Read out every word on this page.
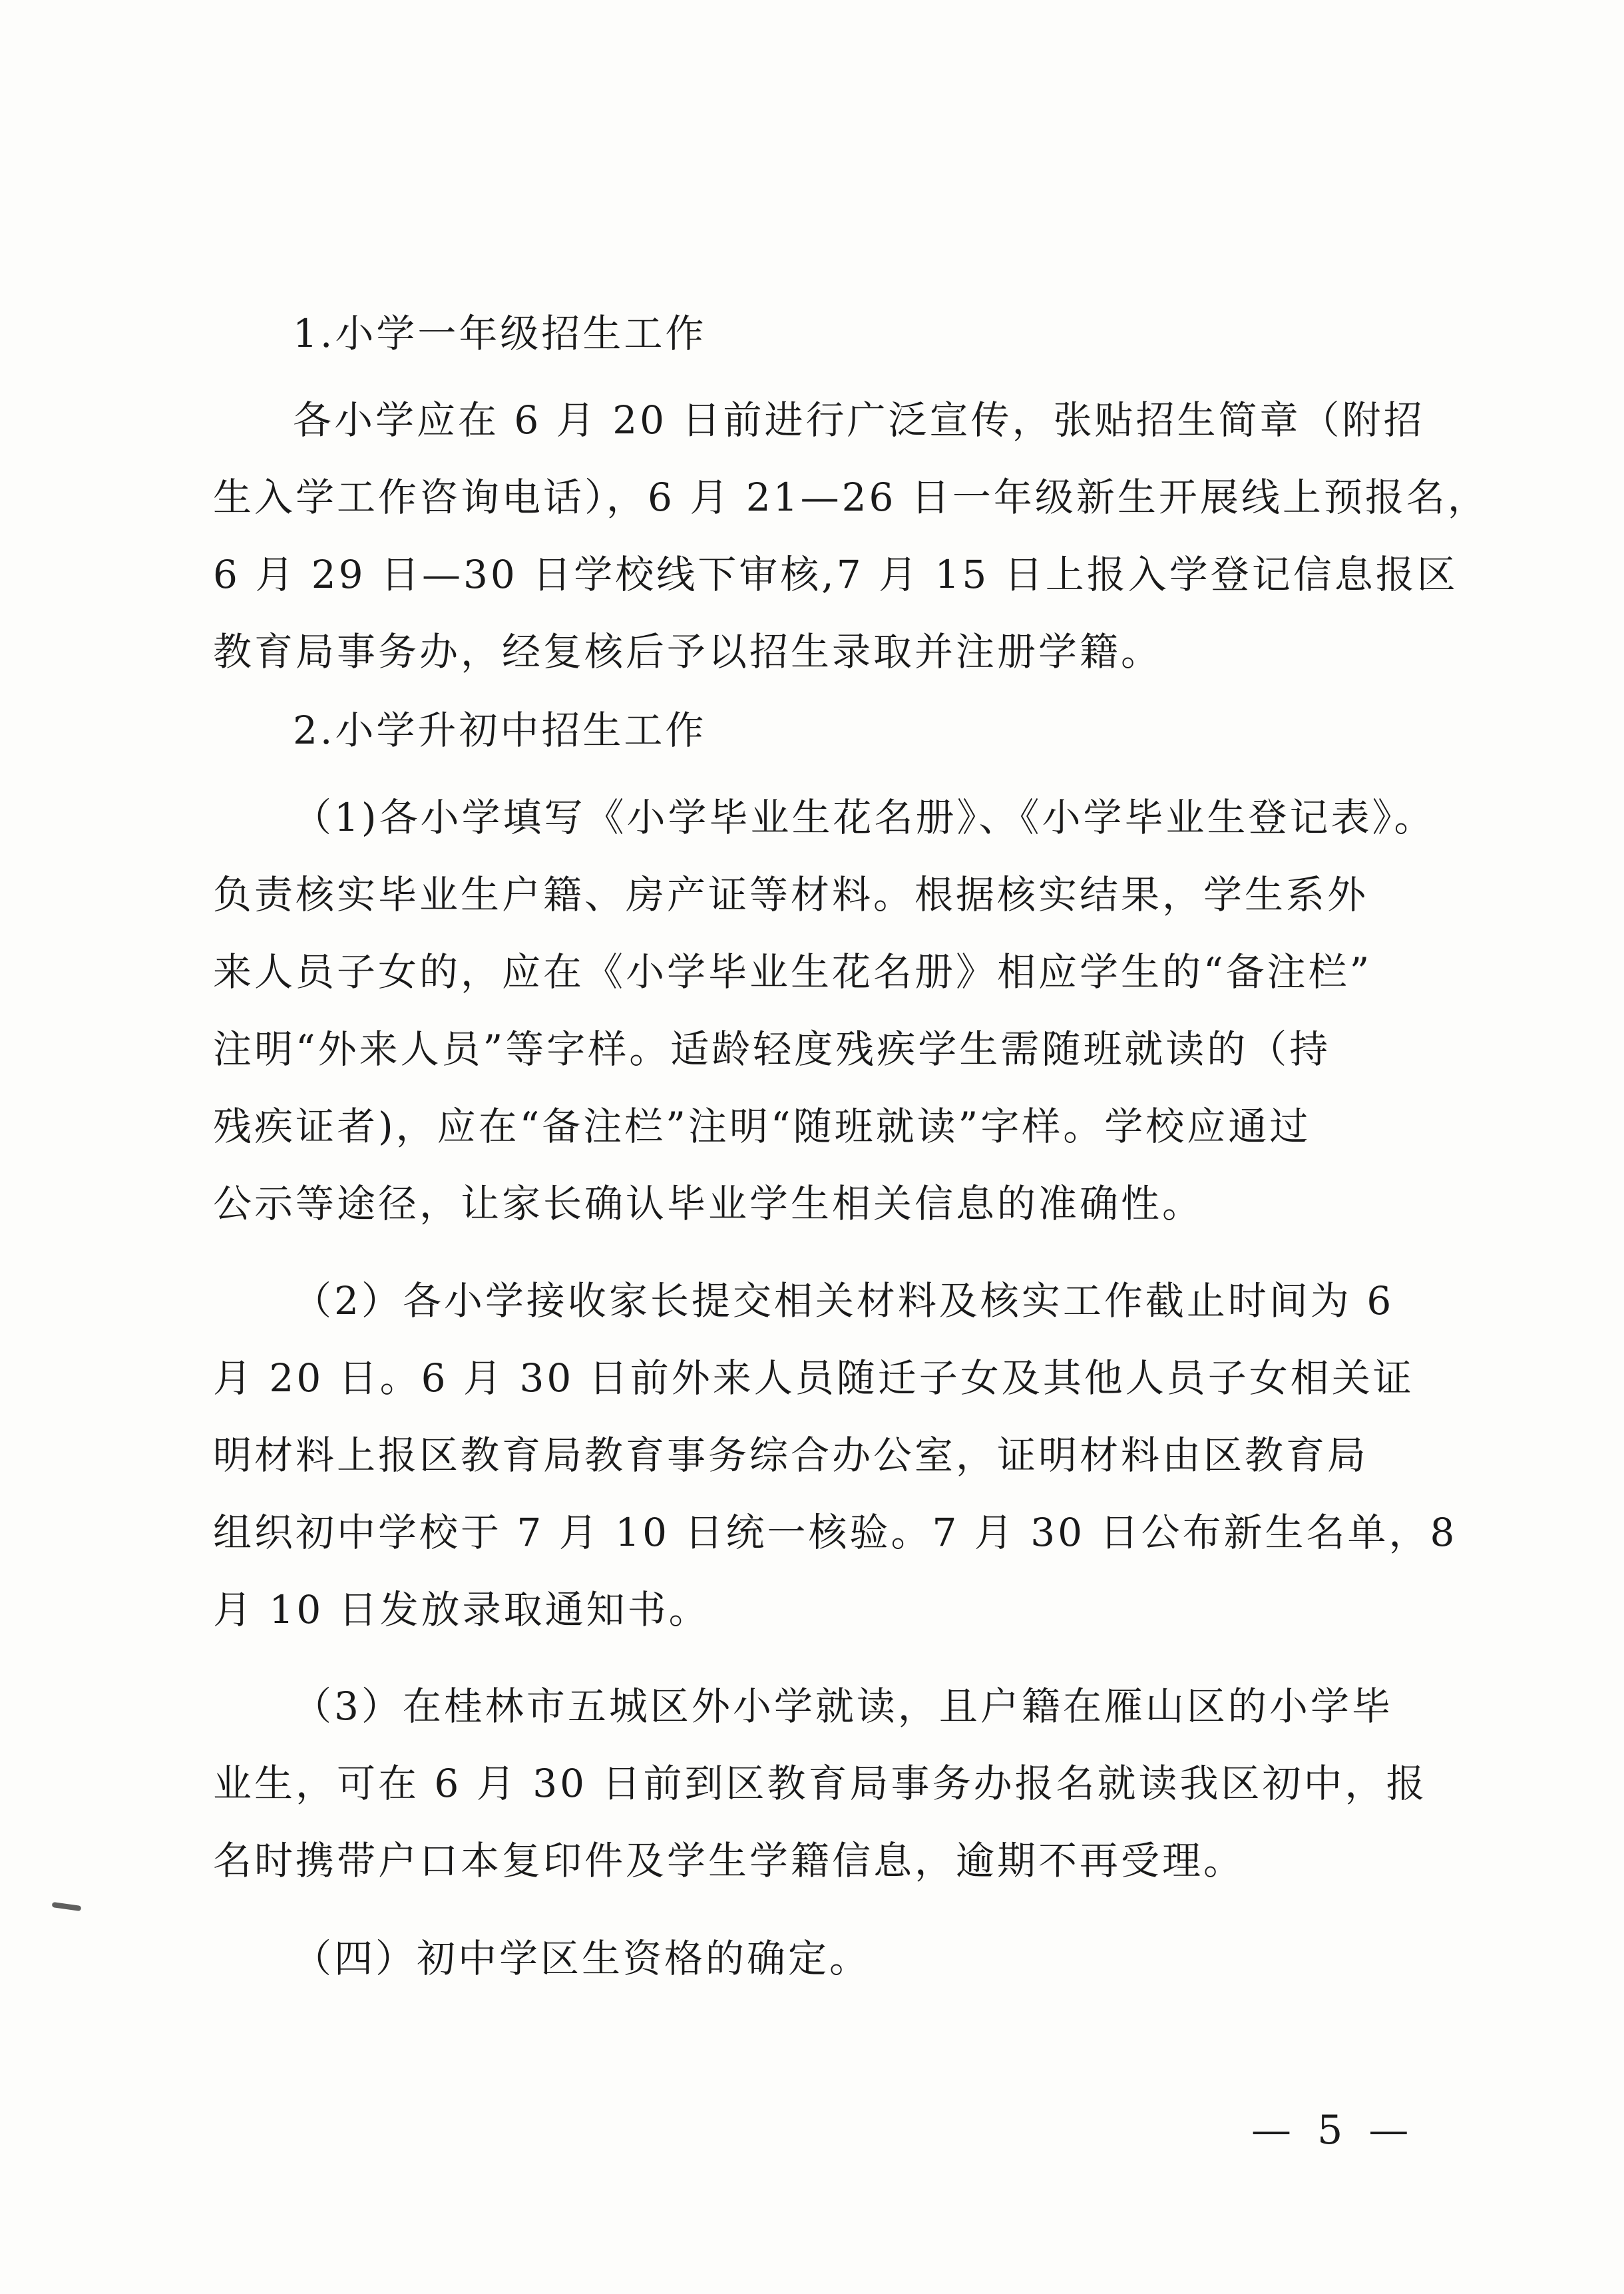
1.小学一年级招生工作
各小学应在 6 月 20 日前进行广泛宣传，张贴招生简章（附招
生入学工作咨询电话），6 月 21—26 日一年级新生开展线上预报名，
6 月 29 日—30 日学校线下审核,7 月 15 日上报入学登记信息报区
教育局事务办，经复核后予以招生录取并注册学籍。
2.小学升初中招生工作
（1)各小学填写《小学毕业生花名册》、《小学毕业生登记表》。
负责核实毕业生户籍、房产证等材料。根据核实结果，学生系外
来人员子女的，应在《小学毕业生花名册》相应学生的“备注栏”
注明“外来人员”等字样。适龄轻度残疾学生需随班就读的（持
残疾证者)，应在“备注栏”注明“随班就读”字样。学校应通过
公示等途径，让家长确认毕业学生相关信息的准确性。
（2）各小学接收家长提交相关材料及核实工作截止时间为 6
月 20 日。6 月 30 日前外来人员随迁子女及其他人员子女相关证
明材料上报区教育局教育事务综合办公室，证明材料由区教育局
组织初中学校于 7 月 10 日统一核验。7 月 30 日公布新生名单，8
月 10 日发放录取通知书。
（3）在桂林市五城区外小学就读，且户籍在雁山区的小学毕
业生，可在 6 月 30 日前到区教育局事务办报名就读我区初中，报
名时携带户口本复印件及学生学籍信息，逾期不再受理。
（四）初中学区生资格的确定。
— 5 —
